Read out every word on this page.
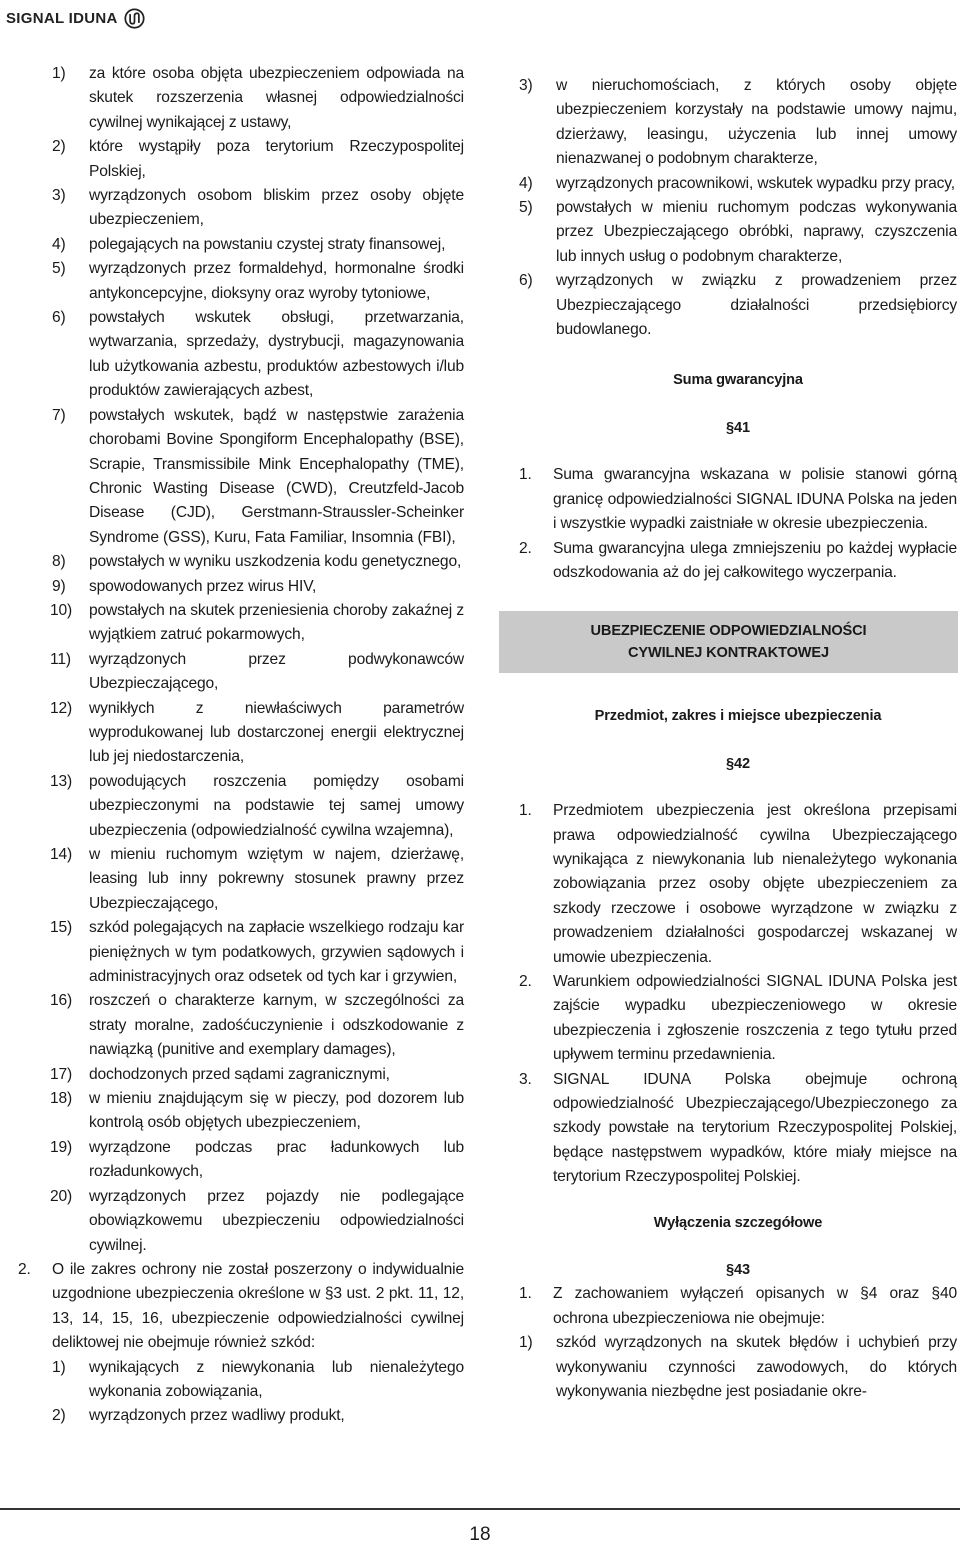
SIGNAL IDUNA
1) za które osoba objęta ubezpieczeniem odpowiada na skutek rozszerzenia własnej odpowiedzialności cywilnej wynikającej z ustawy,
2) które wystąpiły poza terytorium Rzeczypospolitej Polskiej,
3) wyrządzonych osobom bliskim przez osoby objęte ubezpieczeniem,
4) polegających na powstaniu czystej straty finansowej,
5) wyrządzonych przez formaldehyd, hormonalne środki antykoncepcyjne, dioksyny oraz wyroby tytoniowe,
6) powstałych wskutek obsługi, przetwarzania, wytwarzania, sprzedaży, dystrybucji, magazynowania lub użytkowania azbestu, produktów azbestowych i/lub produktów zawierających azbest,
7) powstałych wskutek, bądź w następstwie zarażenia chorobami Bovine Spongiform Encephalopathy (BSE), Scrapie, Transmissibile Mink Encephalopathy (TME), Chronic Wasting Disease (CWD), Creutzfeld-Jacob Disease (CJD), Gerstmann-Straussler-Scheinker Syndrome (GSS), Kuru, Fata Familiar, Insomnia (FBI),
8) powstałych w wyniku uszkodzenia kodu genetycznego,
9) spowodowanych przez wirus HIV,
10) powstałych na skutek przeniesienia choroby zakaźnej z wyjątkiem zatruć pokarmowych,
11) wyrządzonych przez podwykonawców Ubezpieczającego,
12) wynikłych z niewłaściwych parametrów wyprodukowanej lub dostarczonej energii elektrycznej lub jej niedostarczenia,
13) powodujących roszczenia pomiędzy osobami ubezpieczonymi na podstawie tej samej umowy ubezpieczenia (odpowiedzialność cywilna wzajemna),
14) w mieniu ruchomym wziętym w najem, dzierżawę, leasing lub inny pokrewny stosunek prawny przez Ubezpieczającego,
15) szkód polegających na zapłacie wszelkiego rodzaju kar pieniężnych w tym podatkowych, grzywien sądowych i administracyjnych oraz odsetek od tych kar i grzywien,
16) roszczeń o charakterze karnym, w szczególności za straty moralne, zadośćuczynienie i odszkodowanie z nawiązką (punitive and exemplary damages),
17) dochodzonych przed sądami zagranicznymi,
18) w mieniu znajdującym się w pieczy, pod dozorem lub kontrolą osób objętych ubezpieczeniem,
19) wyrządzone podczas prac ładunkowych lub rozładunkowych,
20) wyrządzonych przez pojazdy nie podlegające obowiązkowemu ubezpieczeniu odpowiedzialności cywilnej.
2. O ile zakres ochrony nie został poszerzony o indywidualnie uzgodnione ubezpieczenia określone w §3 ust. 2 pkt. 11, 12, 13, 14, 15, 16, ubezpieczenie odpowiedzialności cywilnej deliktowej nie obejmuje również szkód:
1) wynikających z niewykonania lub nienależytego wykonania zobowiązania,
2) wyrządzonych przez wadliwy produkt,
3) w nieruchomościach, z których osoby objęte ubezpieczeniem korzystały na podstawie umowy najmu, dzierżawy, leasingu, użyczenia lub innej umowy nienazwanej o podobnym charakterze,
4) wyrządzonych pracownikowi, wskutek wypadku przy pracy,
5) powstałych w mieniu ruchomym podczas wykonywania przez Ubezpieczającego obróbki, naprawy, czyszczenia lub innych usług o podobnym charakterze,
6) wyrządzonych w związku z prowadzeniem przez Ubezpieczającego działalności przedsiębiorcy budowlanego.
Suma gwarancyjna
§41
1. Suma gwarancyjna wskazana w polisie stanowi górną granicę odpowiedzialności SIGNAL IDUNA Polska na jeden i wszystkie wypadki zaistniałe w okresie ubezpieczenia.
2. Suma gwarancyjna ulega zmniejszeniu po każdej wypłacie odszkodowania aż do jej całkowitego wyczerpania.
UBEZPIECZENIE ODPOWIEDZIALNOŚCI
CYWILNEJ KONTRAKTOWEJ
Przedmiot, zakres i miejsce ubezpieczenia
§42
1. Przedmiotem ubezpieczenia jest określona przepisami prawa odpowiedzialność cywilna Ubezpieczającego wynikająca z niewykonania lub nienależytego wykonania zobowiązania przez osoby objęte ubezpieczeniem za szkody rzeczowe i osobowe wyrządzone w związku z prowadzeniem działalności gospodarczej wskazanej w umowie ubezpieczenia.
2. Warunkiem odpowiedzialności SIGNAL IDUNA Polska jest zajście wypadku ubezpieczeniowego w okresie ubezpieczenia i zgłoszenie roszczenia z tego tytułu przed upływem terminu przedawnienia.
3. SIGNAL IDUNA Polska obejmuje ochroną odpowiedzialność Ubezpieczającego/Ubezpieczonego za szkody powstałe na terytorium Rzeczypospolitej Polskiej, będące następstwem wypadków, które miały miejsce na terytorium Rzeczypospolitej Polskiej.
Wyłączenia szczegółowe
§43
1. Z zachowaniem wyłączeń opisanych w §4 oraz §40 ochrona ubezpieczeniowa nie obejmuje:
1) szkód wyrządzonych na skutek błędów i uchybień przy wykonywaniu czynności zawodowych, do których wykonywania niezbędne jest posiadanie okre-
18
